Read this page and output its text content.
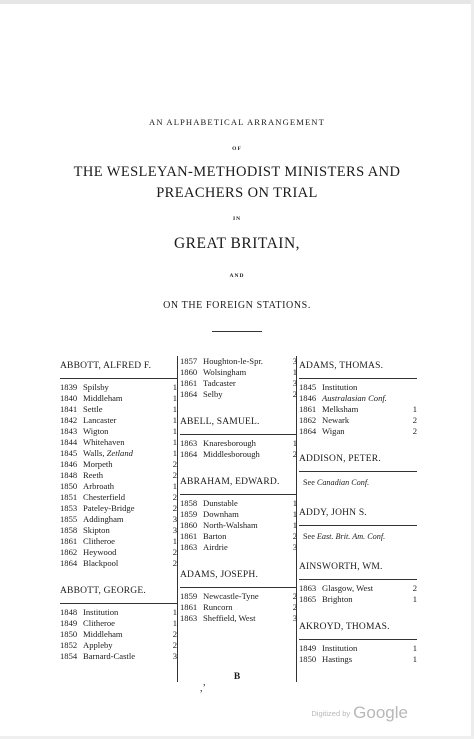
AN ALPHABETICAL ARRANGEMENT
OF
THE WESLEYAN-METHODIST MINISTERS AND
PREACHERS ON TRIAL
IN
GREAT BRITAIN,
AND
ON THE FOREIGN STATIONS.
ABBOTT, ALFRED F.
1839 Spilsby	1
1840 Middleham	1
1841 Settle	1
1842 Lancaster	1
1843 Wigton	1
1844 Whitehaven	1
1845 Walls, Zetland	1
1846 Morpeth	2
1848 Reeth	2
1850 Arbroath	1
1851 Chesterfield	2
1853 Pateley-Bridge	2
1855 Addingham	3
1858 Skipton	3
1861 Clitheroe	1
1862 Heywood	2
1864 Blackpool	2
ABBOTT, GEORGE.
1848 Institution	1
1849 Clitheroe	1
1850 Middleham	2
1852 Appleby	2
1854 Barnard-Castle	3
1857 Houghton-le-Spr.	3
1860 Wolsingham	1
1861 Tadcaster	3
1864 Selby	2
ABELL, SAMUEL.
1863 Knaresborough	1
1864 Middlesborough	2
ABRAHAM, EDWARD.
1858 Dunstable	1
1859 Downham	1
1860 North-Walsham	1
1861 Barton	2
1863 Airdrie	3
ADAMS, JOSEPH.
1859 Newcastle-Tyne	2
1861 Runcorn	2
1863 Sheffield, West	3
ADAMS, THOMAS.
1845 Institution
1846 Australasian Conf.
1861 Melksham	1
1862 Newark	2
1864 Wigan	2
ADDISON, PETER.
See Canadian Conf.
ADDY, JOHN S.
See East. Brit. Am. Conf.
AINSWORTH, WM.
1863 Glasgow, West	2
1865 Brighton	1
AKROYD, THOMAS.
1849 Institution	1
1850 Hastings	1
B
,’
Digitized by Google
